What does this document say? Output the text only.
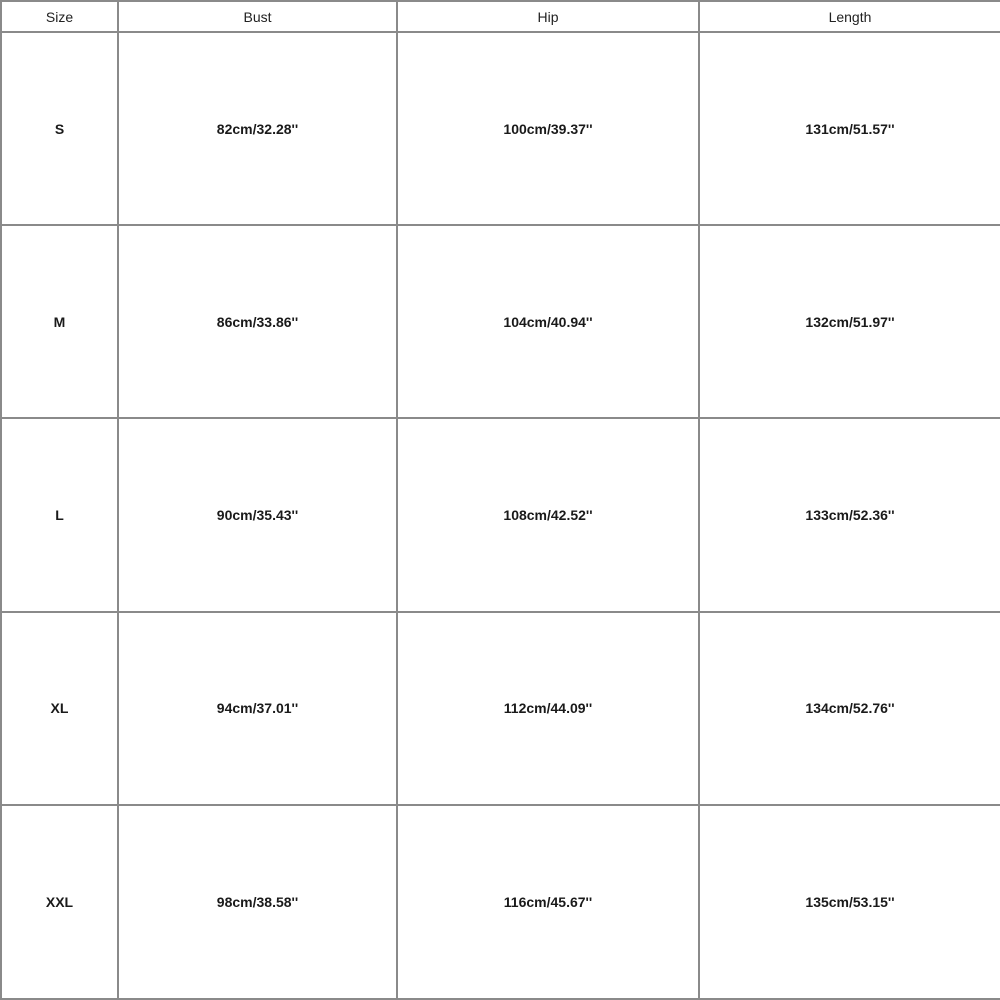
Size	Bust	Hip	Length
S	82cm/32.28''	100cm/39.37''	131cm/51.57''
M	86cm/33.86''	104cm/40.94''	132cm/51.97''
L	90cm/35.43''	108cm/42.52''	133cm/52.36''
XL	94cm/37.01''	112cm/44.09''	134cm/52.76''
XXL	98cm/38.58''	116cm/45.67''	135cm/53.15''
